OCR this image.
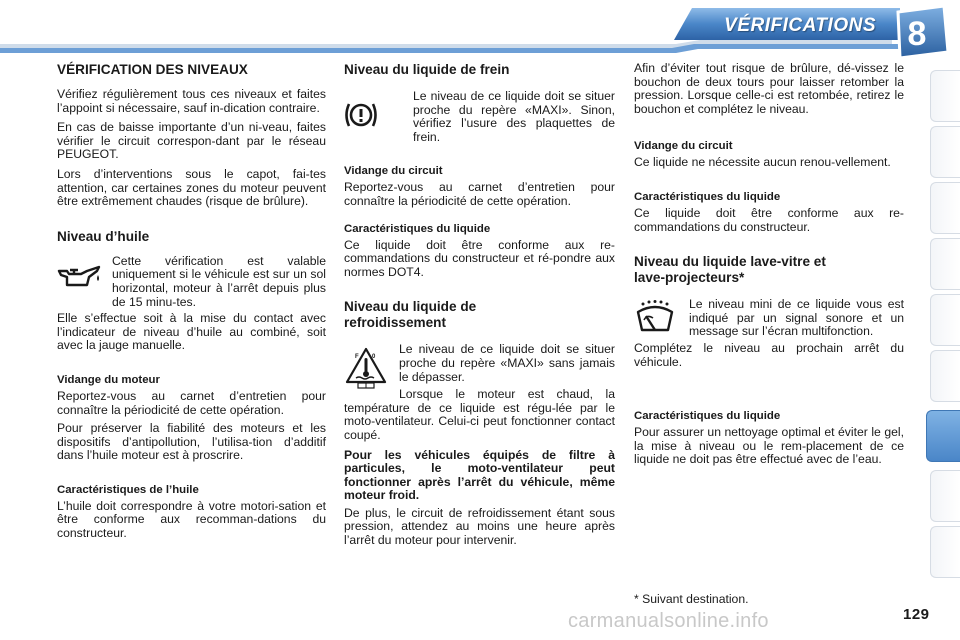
VÉRIFICATIONS 8
VÉRIFICATION DES NIVEAUX

Vérifiez régulièrement tous ces niveaux et faites l’appoint si nécessaire, sauf in-dication contraire.

En cas de baisse importante d’un ni-veau, faites vérifier le circuit correspon-dant par le réseau PEUGEOT.

Lors d’interventions sous le capot, fai-tes attention, car certaines zones du moteur peuvent être extrêmement chaudes (risque de brûlure).

Niveau d’huile

Cette vérification est valable uniquement si le véhicule est sur un sol horizontal, moteur à l’arrêt depuis plus de 15 minu-tes.

Elle s’effectue soit à la mise du contact avec l’indicateur de niveau d’huile au combiné, soit avec la jauge manuelle.

Vidange du moteur

Reportez-vous au carnet d’entretien pour connaître la périodicité de cette opération.

Pour préserver la fiabilité des moteurs et les dispositifs d’antipollution, l’utilisa-tion d’additif dans l’huile moteur est à proscrire.

Caractéristiques de l’huile

L’huile doit correspondre à votre motori-sation et être conforme aux recomman-dations du constructeur.

Niveau du liquide de frein

Le niveau de ce liquide doit se situer proche du repère «MAXI». Sinon, vérifiez l’usure des plaquettes de frein.

Vidange du circuit

Reportez-vous au carnet d’entretien pour connaître la périodicité de cette opération.

Caractéristiques du liquide

Ce liquide doit être conforme aux re-commandations du constructeur et ré-pondre aux normes DOT4.

Niveau du liquide de
refroidissement
F 0

Le niveau de ce liquide doit se situer proche du repère «MAXI» sans jamais le dépasser.

Lorsque le moteur est chaud, la température de ce liquide est régu-lée par le moto-ventilateur. Celui-ci peut fonctionner contact coupé.

Pour les véhicules équipés de filtre à particules, le moto-ventilateur peut fonctionner après l’arrêt du véhicule, même moteur froid.

De plus, le circuit de refroidissement étant sous pression, attendez au moins une heure après l’arrêt du moteur pour intervenir.

Afin d’éviter tout risque de brûlure, dé-vissez le bouchon de deux tours pour laisser retomber la pression. Lorsque celle-ci est retombée, retirez le bouchon et complétez le niveau.

Vidange du circuit

Ce liquide ne nécessite aucun renou-vellement.

Caractéristiques du liquide

Ce liquide doit être conforme aux re-commandations du constructeur.

Niveau du liquide lave-vitre et
lave-projecteurs*

Le niveau mini de ce liquide vous est indiqué par un signal sonore et un message sur l’écran multifonction.

Complétez le niveau au prochain arrêt du véhicule.

Caractéristiques du liquide

Pour assurer un nettoyage optimal et éviter le gel, la mise à niveau ou le rem-placement de ce liquide ne doit pas être effectué avec de l’eau.

* Suivant destination.
carmanualsonline.info	129
